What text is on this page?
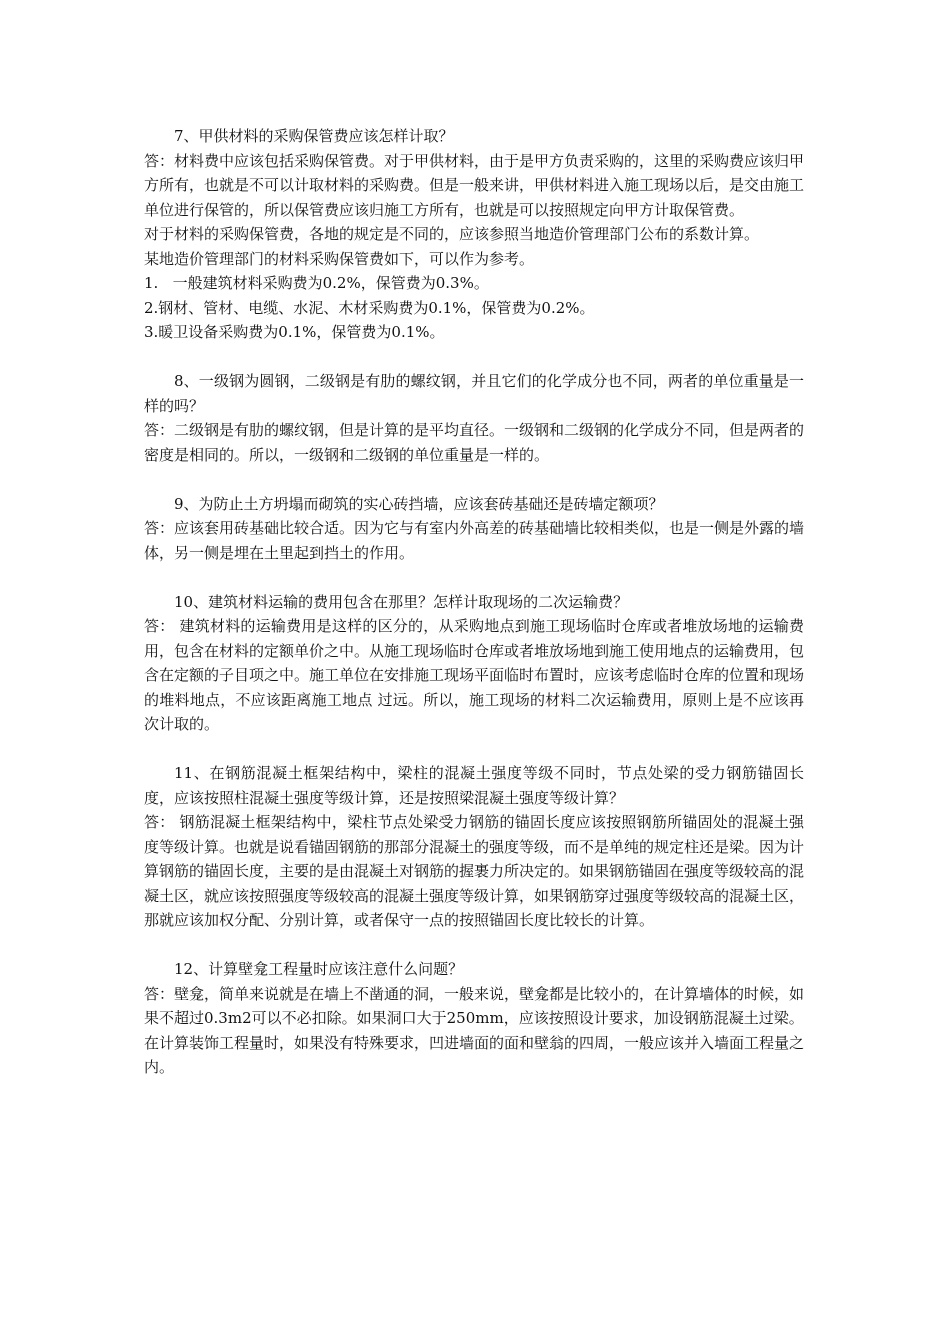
7、甲供材料的采购保管费应该怎样计取？

答：材料费中应该包括采购保管费。对于甲供材料，由于是甲方负责采购的，这里的采购费应该归甲方所有，也就是不可以计取材料的采购费。但是一般来讲，甲供材料进入施工现场以后，是交由施工单位进行保管的，所以保管费应该归施工方所有，也就是可以按照规定向甲方计取保管费。

对于材料的采购保管费，各地的规定是不同的，应该参照当地造价管理部门公布的系数计算。

某地造价管理部门的材料采购保管费如下，可以作为参考。

1.   一般建筑材料采购费为0.2%，保管费为0.3%。

2.钢材、管材、电缆、水泥、木材采购费为0.1%，保管费为0.2%。

3.暖卫设备采购费为0.1%，保管费为0.1%。

8、一级钢为圆钢，二级钢是有肋的螺纹钢，并且它们的化学成分也不同，两者的单位重量是一样的吗？

答：二级钢是有肋的螺纹钢，但是计算的是平均直径。一级钢和二级钢的化学成分不同，但是两者的密度是相同的。所以，一级钢和二级钢的单位重量是一样的。

9、为防止土方坍塌而砌筑的实心砖挡墙，应该套砖基础还是砖墙定额项？

答：应该套用砖基础比较合适。因为它与有室内外高差的砖基础墙比较相类似，也是一侧是外露的墙体，另一侧是埋在土里起到挡土的作用。

10、建筑材料运输的费用包含在那里？怎样计取现场的二次运输费？

答： 建筑材料的运输费用是这样的区分的，从采购地点到施工现场临时仓库或者堆放场地的运输费用，包含在材料的定额单价之中。从施工现场临时仓库或者堆放场地到施工使用地点的运输费用，包含在定额的子目项之中。施工单位在安排施工现场平面临时布置时，应该考虑临时仓库的位置和现场的堆料地点，不应该距离施工地点 过远。所以，施工现场的材料二次运输费用，原则上是不应该再次计取的。

11、在钢筋混凝土框架结构中，梁柱的混凝土强度等级不同时，节点处梁的受力钢筋锚固长度，应该按照柱混凝土强度等级计算，还是按照梁混凝土强度等级计算？

答： 钢筋混凝土框架结构中，梁柱节点处梁受力钢筋的锚固长度应该按照钢筋所锚固处的混凝土强度等级计算。也就是说看锚固钢筋的那部分混凝土的强度等级，而不是单纯的规定柱还是梁。因为计算钢筋的锚固长度，主要的是由混凝土对钢筋的握裹力所决定的。如果钢筋锚固在强度等级较高的混凝土区，就应该按照强度等级较高的混凝土强度等级计算，如果钢筋穿过强度等级较高的混凝土区，那就应该加权分配、分别计算，或者保守一点的按照锚固长度比较长的计算。

12、计算壁龛工程量时应该注意什么问题？

答：壁龛，简单来说就是在墙上不凿通的洞，一般来说，壁龛都是比较小的，在计算墙体的时候，如果不超过0.3m2可以不必扣除。如果洞口大于250mm，应该按照设计要求，加设钢筋混凝土过梁。

在计算装饰工程量时，如果没有特殊要求，凹进墙面的面和壁翁的四周，一般应该并入墙面工程量之内。
